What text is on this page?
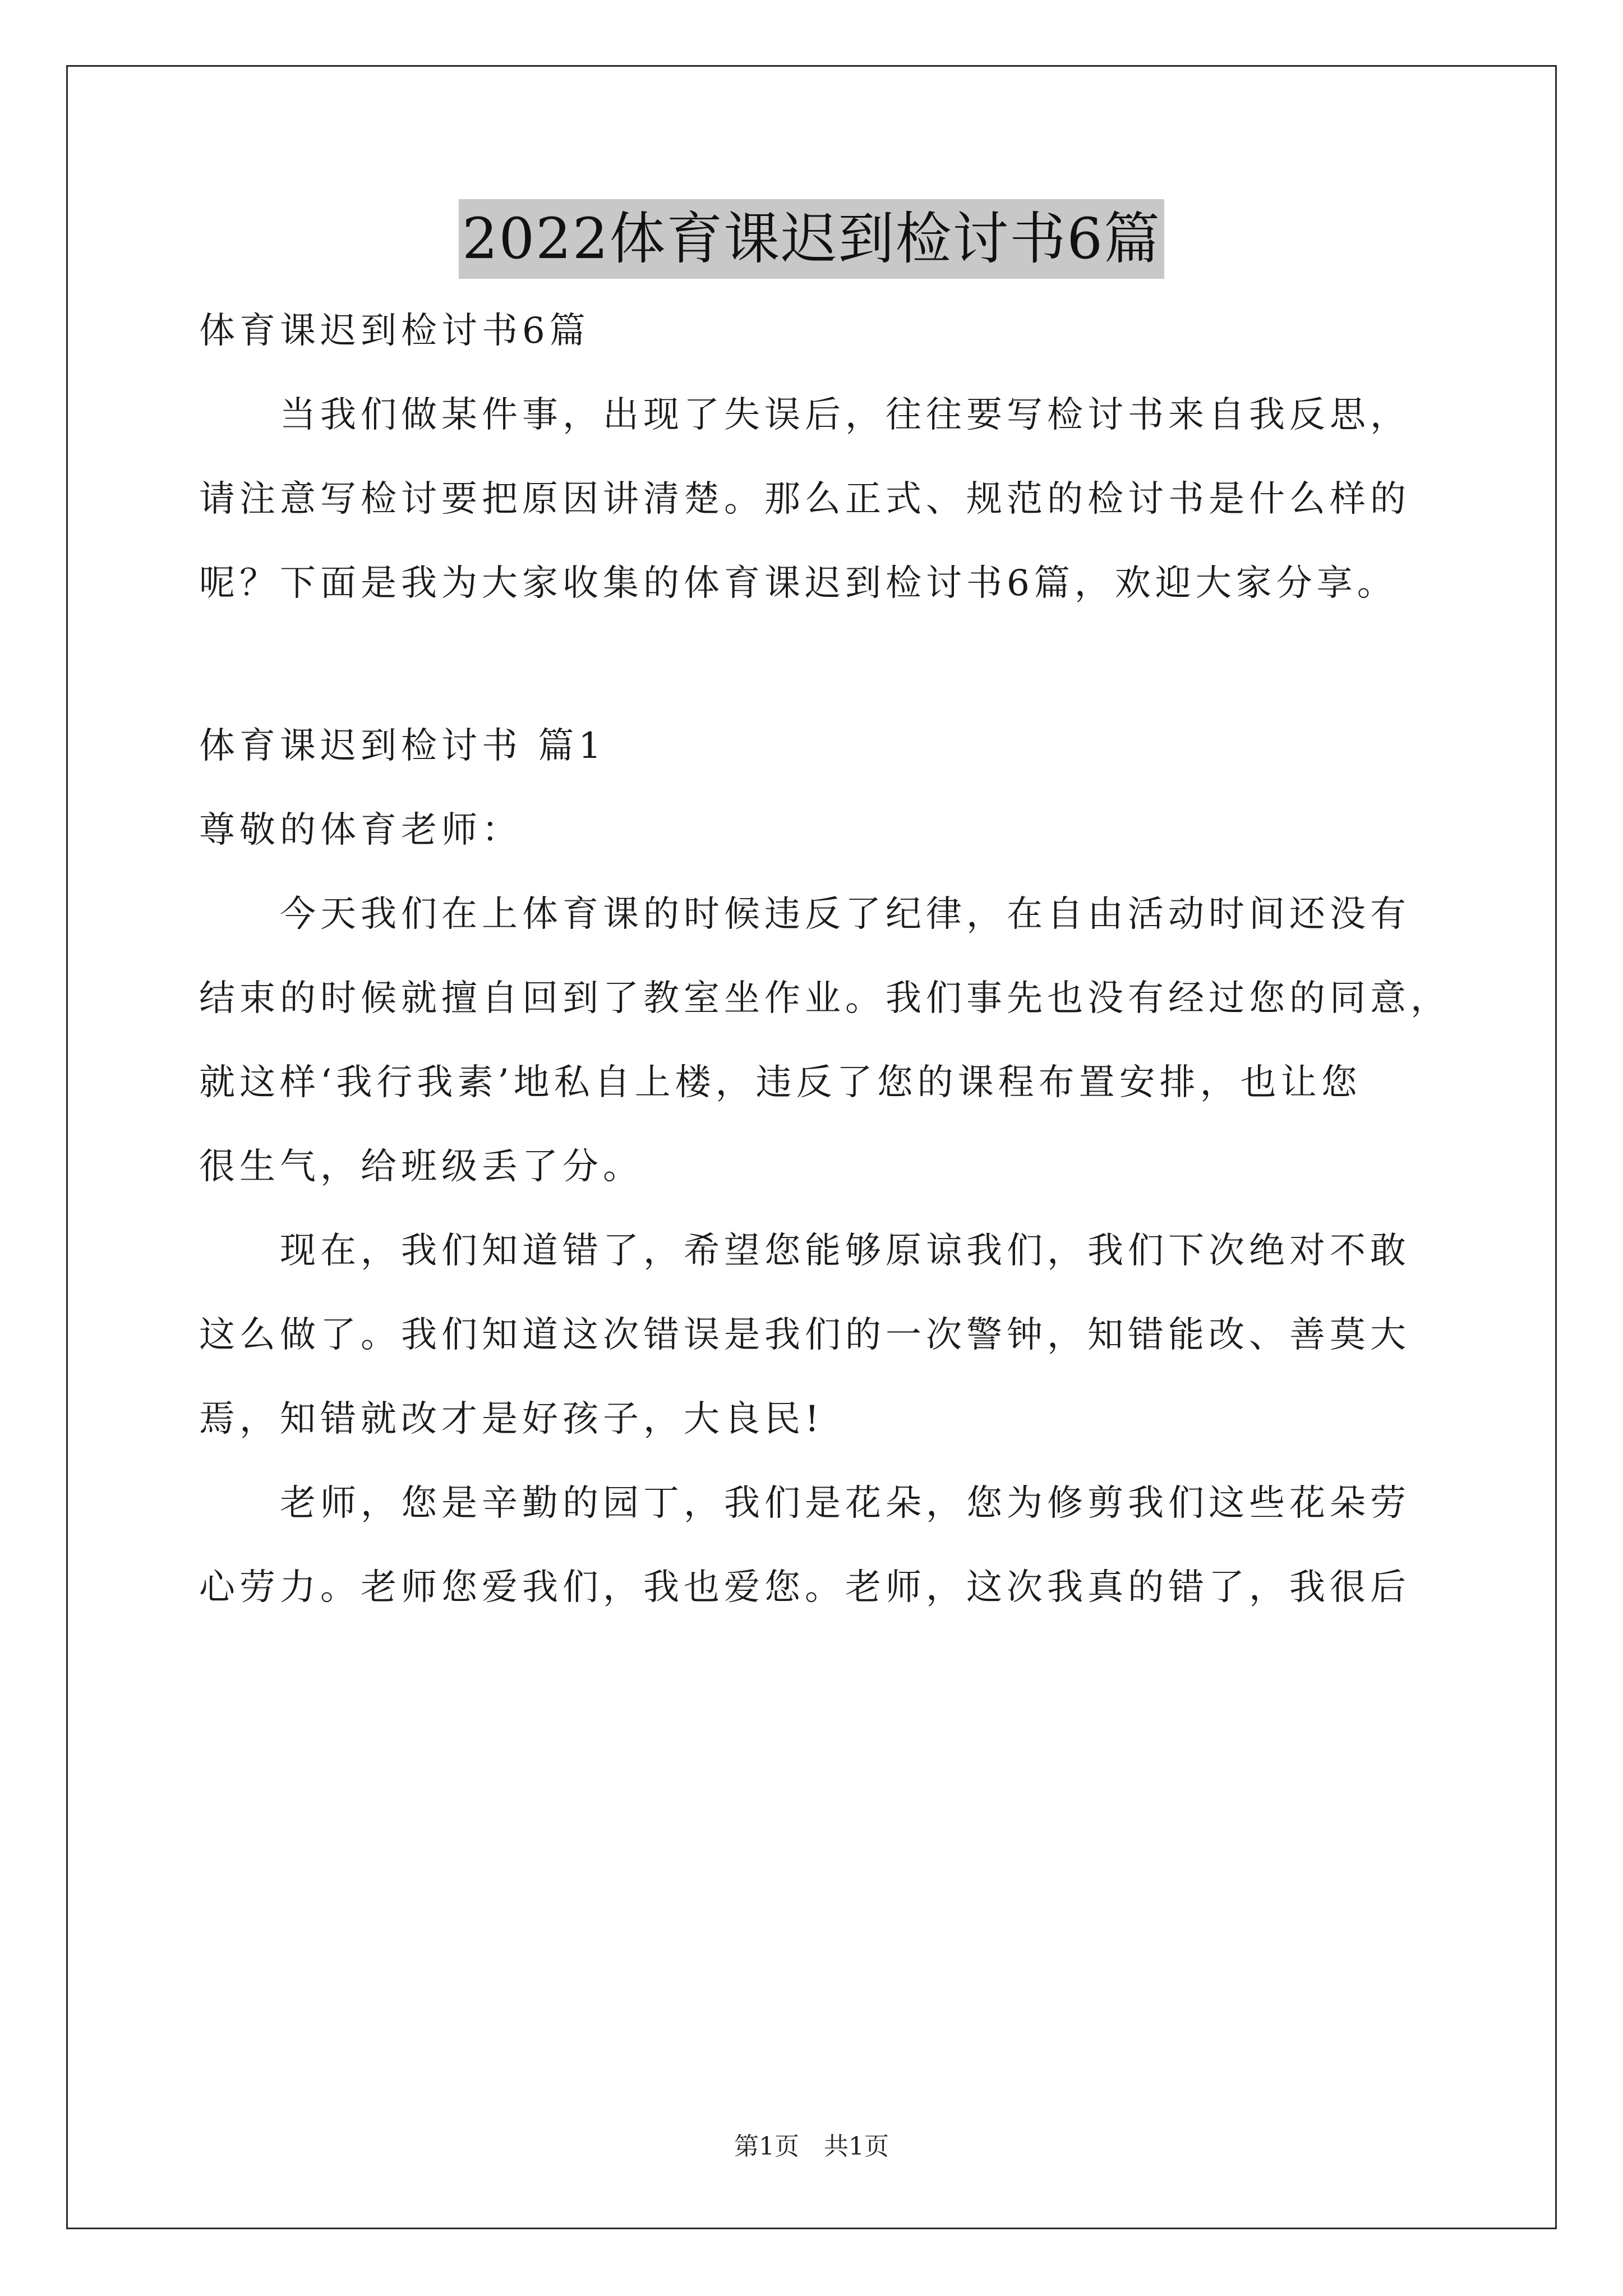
2022体育课迟到检讨书6篇
体育课迟到检讨书6篇
　　当我们做某件事，出现了失误后，往往要写检讨书来自我反思，
请注意写检讨要把原因讲清楚。那么正式、规范的检讨书是什么样的
呢？下面是我为大家收集的体育课迟到检讨书6篇，欢迎大家分享。
体育课迟到检讨书 篇1
尊敬的体育老师：
　　今天我们在上体育课的时候违反了纪律，在自由活动时间还没有
结束的时候就擅自回到了教室坐作业。我们事先也没有经过您的同意，
就这样‘我行我素’地私自上楼，违反了您的课程布置安排，也让您
很生气，给班级丢了分。
　　现在，我们知道错了，希望您能够原谅我们，我们下次绝对不敢
这么做了。我们知道这次错误是我们的一次警钟，知错能改、善莫大
焉，知错就改才是好孩子，大良民!
　　老师，您是辛勤的园丁，我们是花朵，您为修剪我们这些花朵劳
心劳力。老师您爱我们，我也爱您。老师，这次我真的错了，我很后
第1页 共1页
